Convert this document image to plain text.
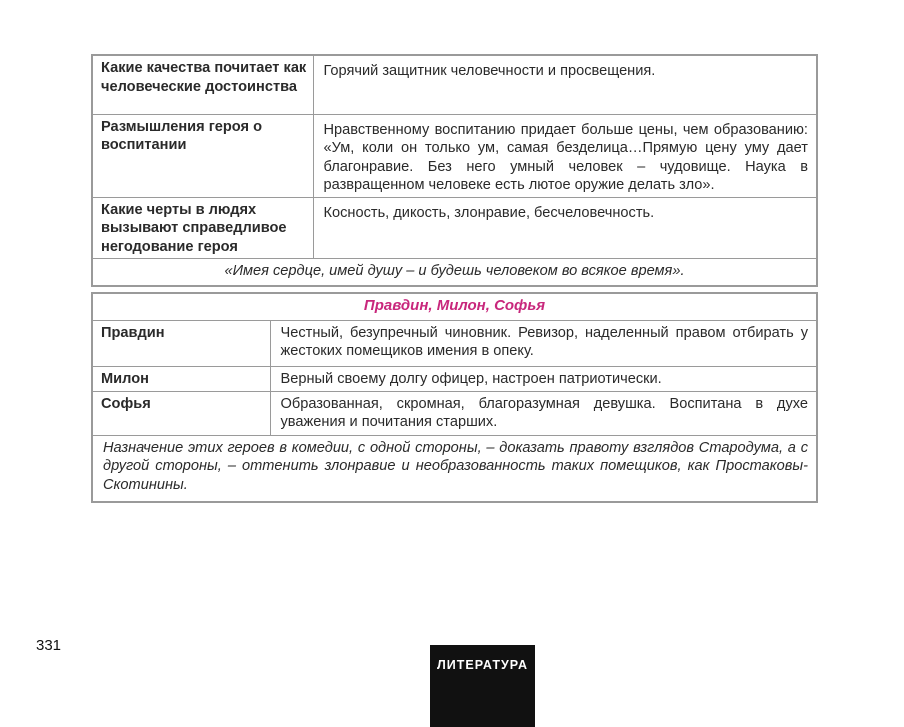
Какие качества почитает как человеческие достоинства	Горячий защитник человечности и просвещения.
Размышления героя о воспитании	Нравственному воспитанию придает больше цены, чем образованию: «Ум, коли он только ум, самая безделица…Прямую цену уму дает благонравие. Без него умный человек – чудовище. Наука в развращенном человеке есть лютое оружие делать зло».
Какие черты в людях вызывают справедливое негодование героя	Косность, дикость, злонравие, бесчеловечность.
«Имея сердце, имей душу – и будешь человеком во всякое время».	
Правдин, Милон, Софья	
Правдин	Честный, безупречный чиновник. Ревизор, наделенный правом отбирать у жестоких помещиков имения в опеку.
Милон	Верный своему долгу офицер, настроен патриотически.
Софья	Образованная, скромная, благоразумная девушка. Воспитана в духе уважения и почитания старших.
Назначение этих героев в комедии, с одной стороны, – доказать правоту взглядов Стародума, а с другой стороны, – оттенить злонравие и необразованность таких помещиков, как Простаковы-Скотинины.	
331
ЛИТЕРАТУРА
